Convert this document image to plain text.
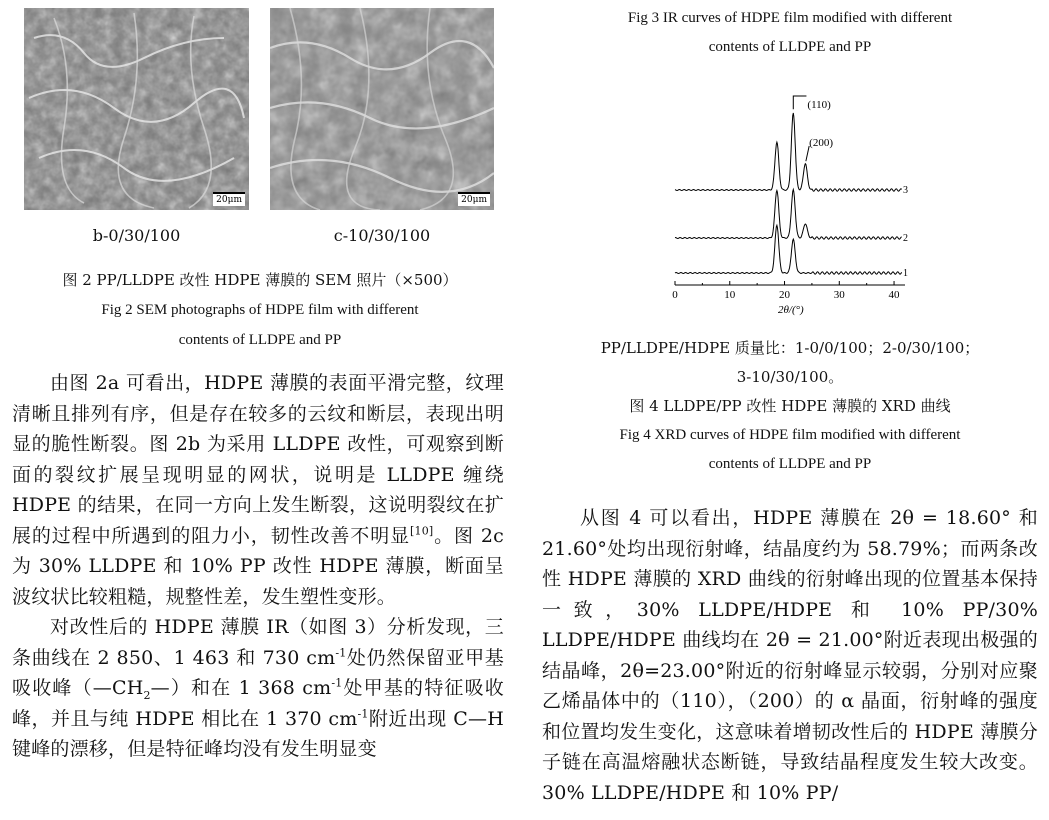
20μm	20μm
b-0/30/100	c-10/30/100
图 2 PP/LLDPE 改性 HDPE 薄膜的 SEM 照片（×500）
Fig 2 SEM photographs of HDPE film with different
contents of LLDPE and PP

由图 2a 可看出，HDPE 薄膜的表面平滑完整，纹理清晰且排列有序，但是存在较多的云纹和断层，表现出明显的脆性断裂。图 2b 为采用 LLDPE 改性，可观察到断面的裂纹扩展呈现明显的网状，说明是 LLDPE 缠绕 HDPE 的结果，在同一方向上发生断裂，这说明裂纹在扩展的过程中所遇到的阻力小，韧性改善不明显[10]。图 2c 为 30% LLDPE 和 10% PP 改性 HDPE 薄膜，断面呈波纹状比较粗糙，规整性差，发生塑性变形。

对改性后的 HDPE 薄膜 IR（如图 3）分析发现，三条曲线在 2 850、1 463 和 730 $cm^{-1}$处仍然保留亚甲基吸收峰$(—CH_2—)$和在 1 368 $cm^{-1}$处甲基的特征吸收峰，并且与纯 HDPE 相比在 1 370 $cm^{-1}$附近出现 C—H 键峰的漂移，但是特征峰均没有发生明显变

Fig 3 IR curves of HDPE film modified with different
contents of LLDPE and PP
0	10	20	30	40
1
2
3
(110)
(200)
2θ/(°)
PP/LLDPE/HDPE 质量比：1-0/0/100；2-0/30/100；
3-10/30/100。
图 4 LLDPE/PP 改性 HDPE 薄膜的 XRD 曲线
Fig 4 XRD curves of HDPE film modified with different
contents of LLDPE and PP

从图 4 可以看出，HDPE 薄膜在 2θ = 18.60° 和 21.60°处均出现衍射峰，结晶度约为 58.79%；而两条改性 HDPE 薄膜的 XRD 曲线的衍射峰出现的位置基本保持一致，30% LLDPE/HDPE 和 10% PP/30% LLDPE/HDPE 曲线均在 2θ = 21.00°附近表现出极强的结晶峰，2θ=23.00°附近的衍射峰显示较弱，分别对应聚乙烯晶体中的（110），（200）的 α 晶面，衍射峰的强度和位置均发生变化，这意味着增韧改性后的 HDPE 薄膜分子链在高温熔融状态断链，导致结晶程度发生较大改变。30% LLDPE/HDPE 和 10% PP/
